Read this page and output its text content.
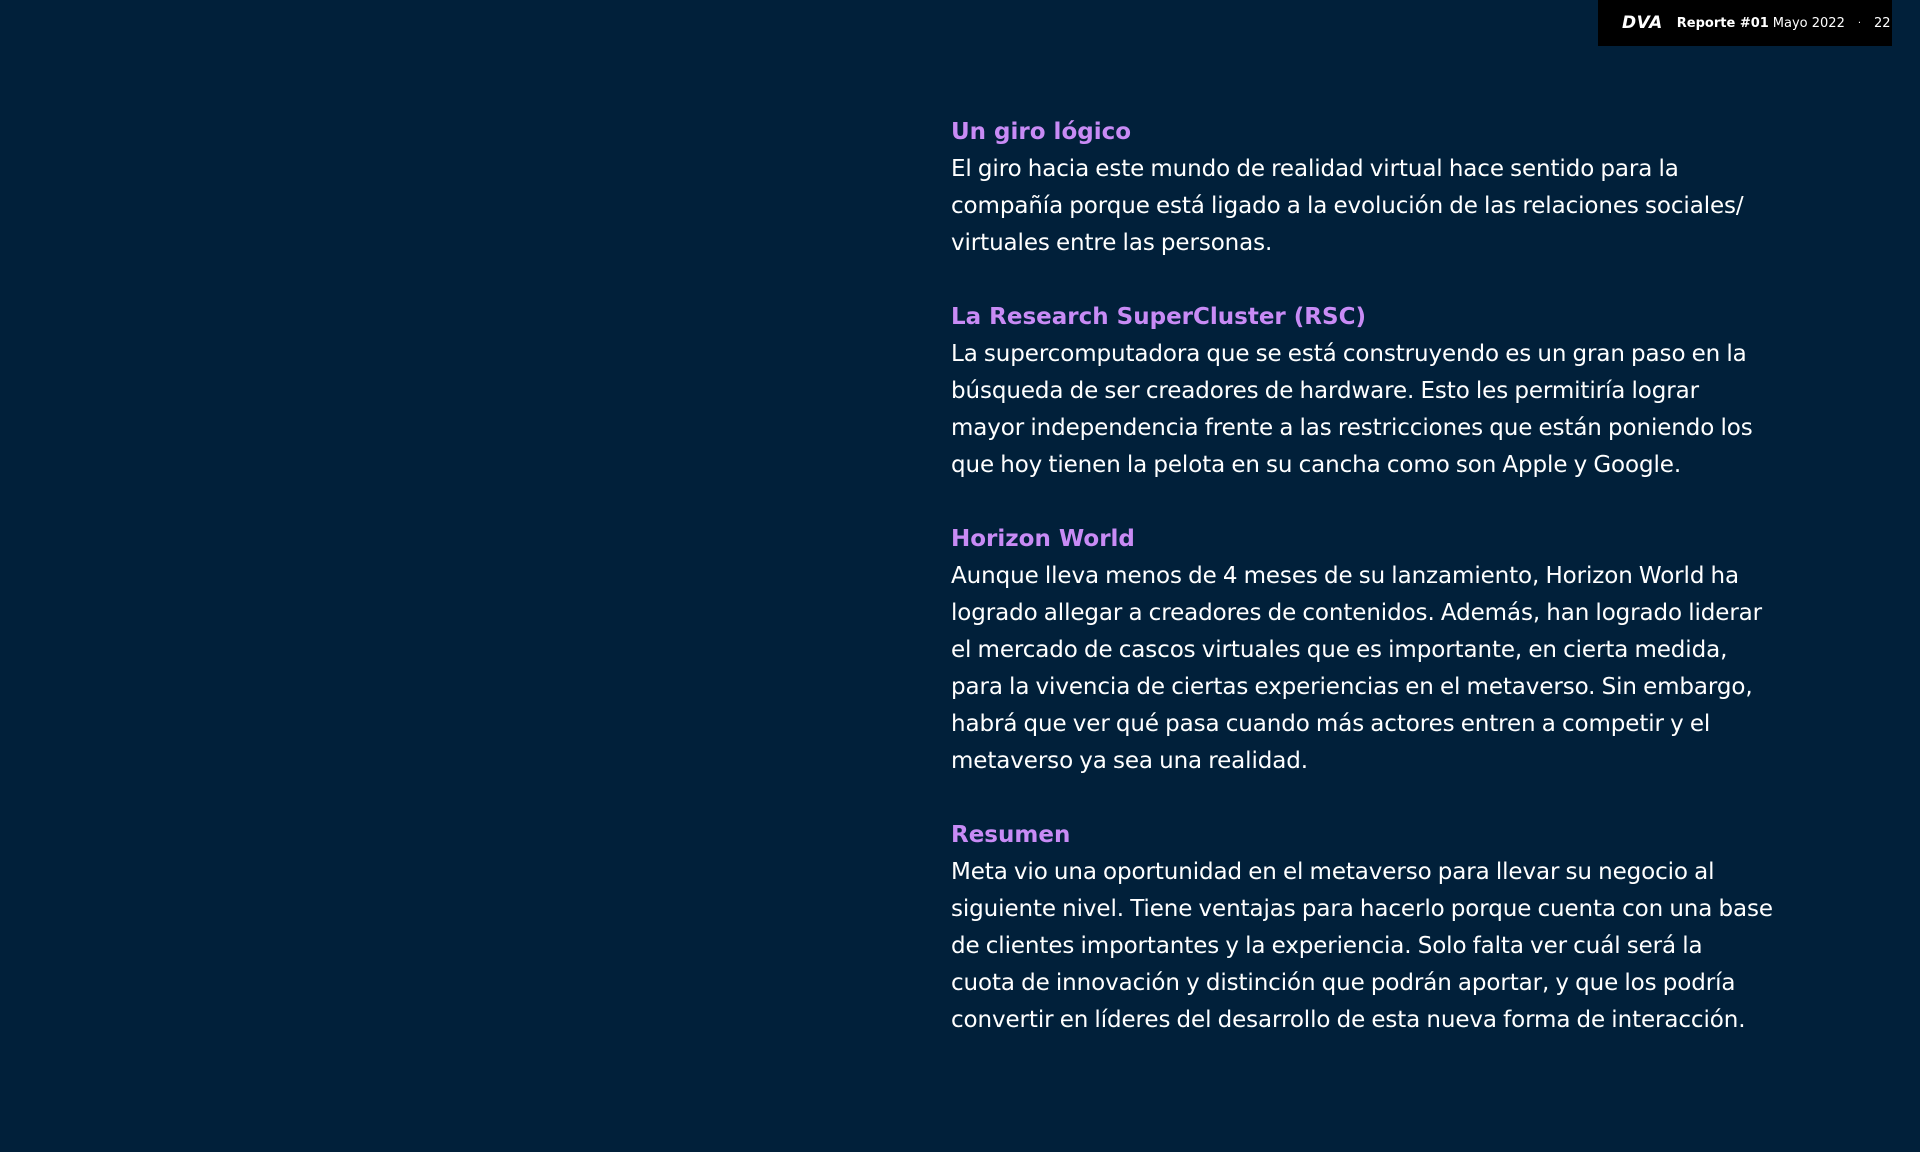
DVA Reporte #01 Mayo 2022 · 22
Un giro lógico

El giro hacia este mundo de realidad virtual hace sentido para la
compañía porque está ligado a la evolución de las relaciones sociales/
virtuales entre las personas.

La Research SuperCluster (RSC)

La supercomputadora que se está construyendo es un gran paso en la
búsqueda de ser creadores de hardware. Esto les permitiría lograr
mayor independencia frente a las restricciones que están poniendo los
que hoy tienen la pelota en su cancha como son Apple y Google.

Horizon World

Aunque lleva menos de 4 meses de su lanzamiento, Horizon World ha
logrado allegar a creadores de contenidos. Además, han logrado liderar
el mercado de cascos virtuales que es importante, en cierta medida,
para la vivencia de ciertas experiencias en el metaverso. Sin embargo,
habrá que ver qué pasa cuando más actores entren a competir y el
metaverso ya sea una realidad.

Resumen

Meta vio una oportunidad en el metaverso para llevar su negocio al
siguiente nivel. Tiene ventajas para hacerlo porque cuenta con una base
de clientes importantes y la experiencia. Solo falta ver cuál será la
cuota de innovación y distinción que podrán aportar, y que los podría
convertir en líderes del desarrollo de esta nueva forma de interacción.
